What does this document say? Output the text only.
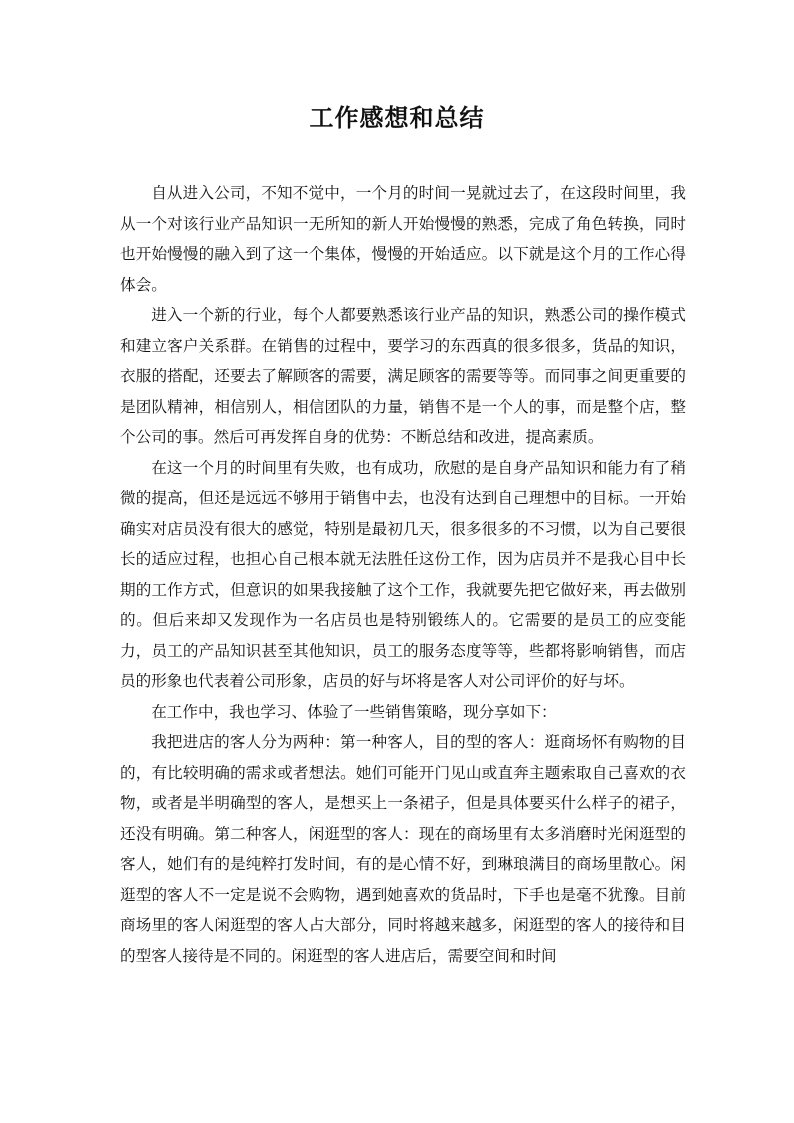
工作感想和总结

自从进入公司，不知不觉中，一个月的时间一晃就过去了，在这段时间里，我从一个对该行业产品知识一无所知的新人开始慢慢的熟悉，完成了角色转换，同时也开始慢慢的融入到了这一个集体，慢慢的开始适应。以下就是这个月的工作心得体会。

进入一个新的行业，每个人都要熟悉该行业产品的知识，熟悉公司的操作模式和建立客户关系群。在销售的过程中，要学习的东西真的很多很多，货品的知识，衣服的搭配，还要去了解顾客的需要，满足顾客的需要等等。而同事之间更重要的是团队精神，相信别人，相信团队的力量，销售不是一个人的事，而是整个店，整个公司的事。然后可再发挥自身的优势：不断总结和改进，提高素质。

在这一个月的时间里有失败，也有成功，欣慰的是自身产品知识和能力有了稍微的提高，但还是远远不够用于销售中去，也没有达到自己理想中的目标。一开始确实对店员没有很大的感觉，特别是最初几天，很多很多的不习惯，以为自己要很长的适应过程，也担心自己根本就无法胜任这份工作，因为店员并不是我心目中长期的工作方式，但意识的如果我接触了这个工作，我就要先把它做好来，再去做别的。但后来却又发现作为一名店员也是特别锻练人的。它需要的是员工的应变能力，员工的产品知识甚至其他知识，员工的服务态度等等，些都将影响销售，而店员的形象也代表着公司形象，店员的好与坏将是客人对公司评价的好与坏。

在工作中，我也学习、体验了一些销售策略，现分享如下：

我把进店的客人分为两种：第一种客人，目的型的客人：逛商场怀有购物的目的，有比较明确的需求或者想法。她们可能开门见山或直奔主题索取自己喜欢的衣物，或者是半明确型的客人，是想买上一条裙子，但是具体要买什么样子的裙子，还没有明确。第二种客人，闲逛型的客人：现在的商场里有太多消磨时光闲逛型的客人，她们有的是纯粹打发时间，有的是心情不好，到琳琅满目的商场里散心。闲逛型的客人不一定是说不会购物，遇到她喜欢的货品时，下手也是毫不犹豫。目前商场里的客人闲逛型的客人占大部分，同时将越来越多，闲逛型的客人的接待和目的型客人接待是不同的。闲逛型的客人进店后，需要空间和时间
